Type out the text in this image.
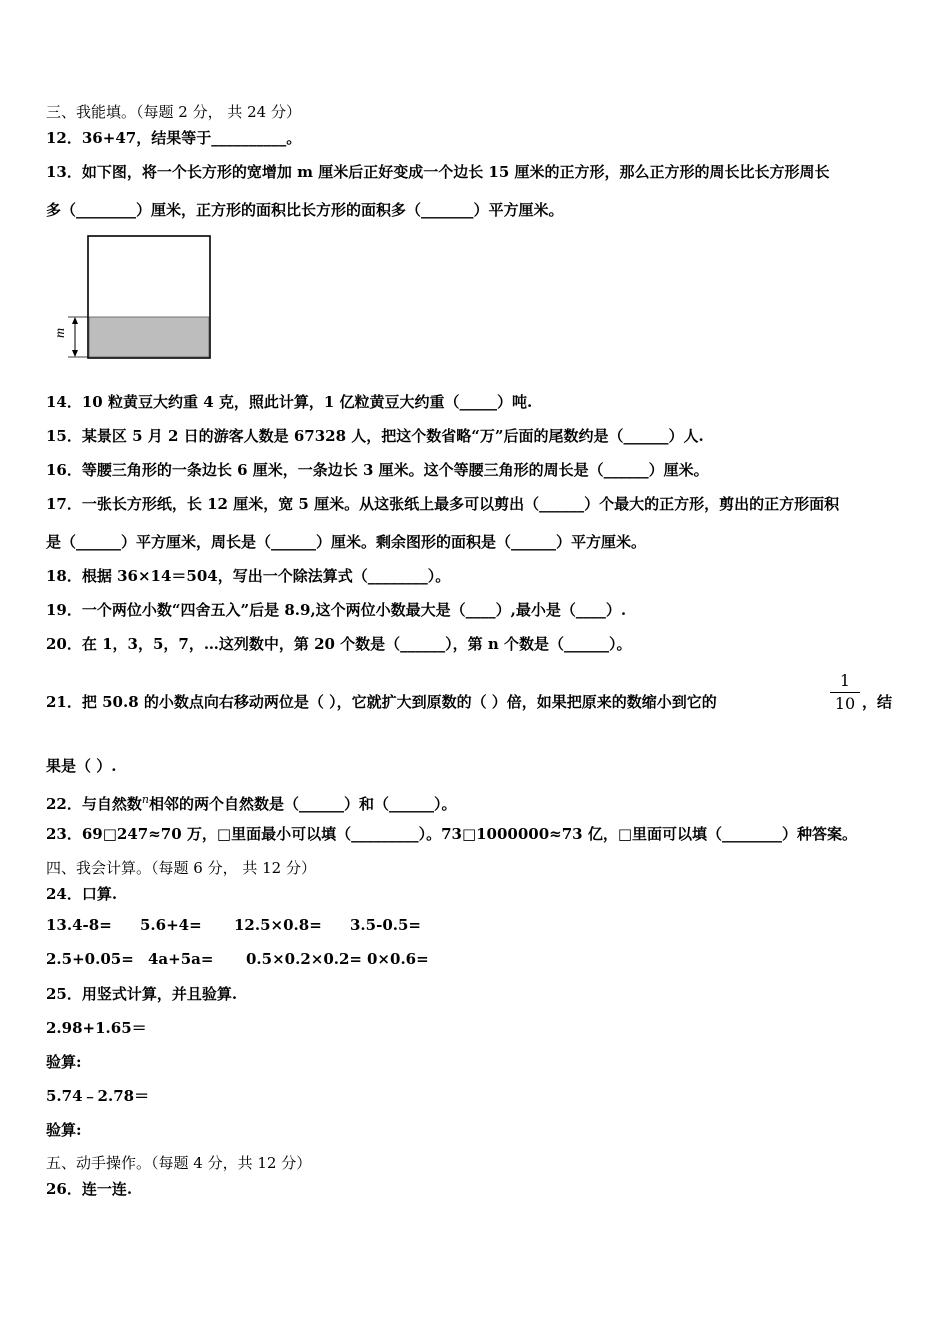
三、我能填。（每题 2 分， 共 24 分）
12．36+47，结果等于__________。
13．如下图，将一个长方形的宽增加 m 厘米后正好变成一个边长 15 厘米的正方形，那么正方形的周长比长方形周长
多（________）厘米，正方形的面积比长方形的面积多（_______）平方厘米。
m
14．10 粒黄豆大约重 4 克，照此计算，1 亿粒黄豆大约重（_____）吨.
15．某景区 5 月 2 日的游客人数是 67328 人，把这个数省略“万”后面的尾数约是（______）人.
16．等腰三角形的一条边长 6 厘米，一条边长 3 厘米。这个等腰三角形的周长是（______）厘米。
17．一张长方形纸，长 12 厘米，宽 5 厘米。从这张纸上最多可以剪出（______）个最大的正方形，剪出的正方形面积
是（______）平方厘米，周长是（______）厘米。剩余图形的面积是（______）平方厘米。
18．根据 36×14＝504，写出一个除法算式（________）。
19．一个两位小数“四舍五入”后是 8.9,这个两位小数最大是（____）,最小是（____）.
20．在 1，3，5，7，…这列数中，第 20 个数是（______），第 n 个数是（______）。
21．把 50.8 的小数点向右移动两位是（ ），它就扩大到原数的（ ）倍，如果把原来的数缩小到它的
1
10 ，结
果是（ ）.
22．与自然数$^n$相邻的两个自然数是（______）和（______）。
23．69□247≈70 万，□里面最小可以填（_________）。73□1000000≈73 亿，□里面可以填（________）种答案。
四、我会计算。（每题 6 分， 共 12 分）
24．口算.
13.4-8= 5.6+4= 12.5×0.8= 3.5-0.5=
2.5+0.05= 4a+5a= 0.5×0.2×0.2= 0×0.6=
25．用竖式计算，并且验算.
2.98+1.65＝
验算:
5.74﹣2.78＝
验算:
五、动手操作。（每题 4 分，共 12 分）
26．连一连.
